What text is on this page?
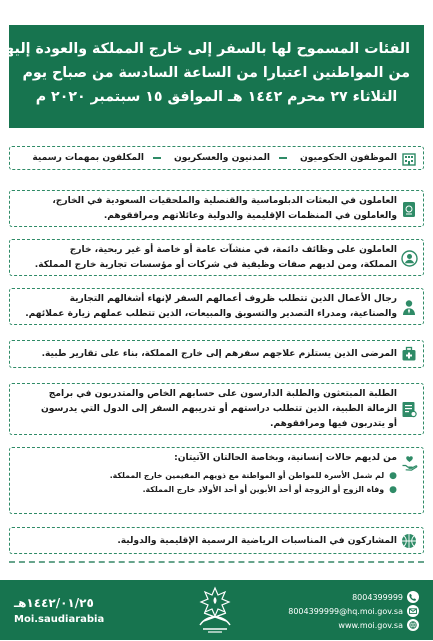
الفئات المسموح لها بالسفر إلى خارج المملكة والعودة إليها
من المواطنين اعتبارا من الساعة السادسة من صباح يوم
الثلاثاء ٢٧ محرم ١٤٤٢ هـ الموافق ١٥ سبتمبر ٢٠٢٠ م
الموظفون الحكوميونالمدنيون والعسكريونالمكلفون بمهمات رسمية
العاملون في البعثات الدبلوماسية والقنصلية والملحقيات السعودية في الخارج،
والعاملون في المنظمات الإقليمية والدولية وعائلاتهم ومرافقوهم.
العاملون على وظائف دائمة، في منشآت عامة أو خاصة أو غير ربحية، خارج
المملكة، ومن لديهم صفات وظيفية في شركات أو مؤسسات تجارية خارج المملكة.
رجال الأعمال الذين تتطلب ظروف أعمالهم السفر لإنهاء أشغالهم التجارية
والصناعية، ومدراء التصدير والتسويق والمبيعات، الذين تتطلب عملهم زيارة عملائهم.
المرضى الذين يستلزم علاجهم سفرهم إلى خارج المملكة، بناء على تقارير طبية.
الطلبة المبتعثون والطلبة الدارسون على حسابهم الخاص والمتدربون في برامج
الزمالة الطبية، الذين تتطلب دراستهم أو تدريبهم السفر إلى الدول التي يدرسون
أو يتدربون فيها ومرافقوهم.
من لديهم حالات إنسانية، وبخاصة الحالتان الآتيتان:
●لم شمل الأسرة للمواطن أو المواطنة مع ذويهم المقيمين خارج المملكة.
●وفاة الزوج أو الزوجة أو أحد الأبوين أو أحد الأولاد خارج المملكة.
المشاركون في المناسبات الرياضية الرسمية الإقليمية والدولية.
١٤٤٢/٠١/٢٥هـ
Moi.saudiarabia
8004399999
8004399999@hq.moi.gov.sa
www.moi.gov.sa
